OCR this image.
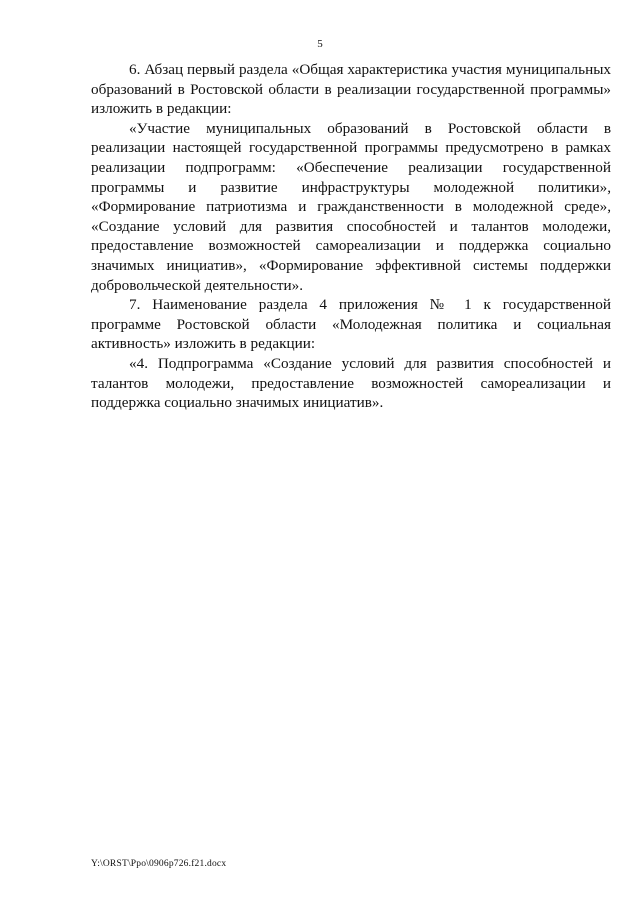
5

6. Абзац первый раздела «Общая характеристика участия муниципальных образований в Ростовской области в реализации государственной программы» изложить в редакции:

«Участие муниципальных образований в Ростовской области в реализации настоящей государственной программы предусмотрено в рамках реализации подпрограмм: «Обеспечение реализации государственной программы и развитие инфраструктуры молодежной политики», «Формирование патриотизма и гражданственности в молодежной среде», «Создание условий для развития способностей и талантов молодежи, предоставление возможностей самореализации и поддержка социально значимых инициатив», «Формирование эффективной системы поддержки добровольческой деятельности».

7. Наименование раздела 4 приложения № 1 к государственной программе Ростовской области «Молодежная политика и социальная активность» изложить в редакции:

«4. Подпрограмма «Создание условий для развития способностей и талантов молодежи, предоставление возможностей самореализации и поддержка социально значимых инициатив».

Y:\ORST\Ppo\0906p726.f21.docx
